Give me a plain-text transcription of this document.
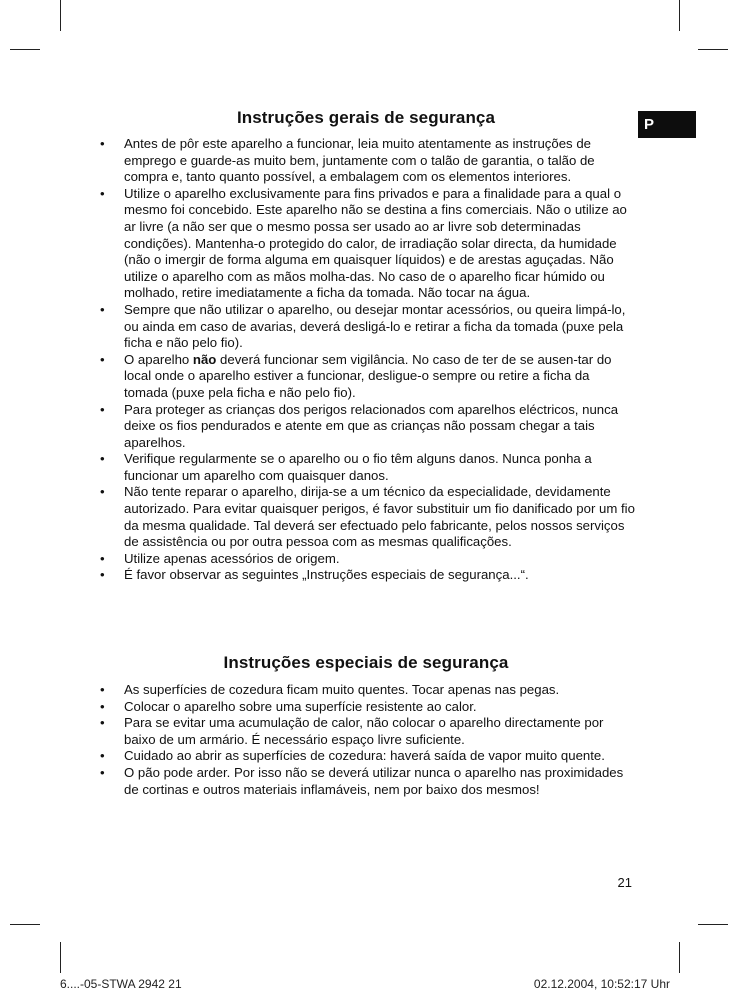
P
Instruções gerais de segurança
• Antes de pôr este aparelho a funcionar, leia muito atentamente as instruções de emprego e guarde-as muito bem, juntamente com o talão de garantia, o talão de compra e, tanto quanto possível, a embalagem com os elementos interiores.
• Utilize o aparelho exclusivamente para fins privados e para a finalidade para a qual o mesmo foi concebido. Este aparelho não se destina a fins comerciais. Não o utilize ao ar livre (a não ser que o mesmo possa ser usado ao ar livre sob determinadas condições). Mantenha-o protegido do calor, de irradiação solar directa, da humidade (não o imergir de forma alguma em quaisquer líquidos) e de arestas aguçadas. Não utilize o aparelho com as mãos molha-das. No caso de o aparelho ficar húmido ou molhado, retire imediatamente a ficha da tomada. Não tocar na água.
• Sempre que não utilizar o aparelho, ou desejar montar acessórios, ou queira limpá-lo, ou ainda em caso de avarias, deverá desligá-lo e retirar a ficha da tomada (puxe pela ficha e não pelo fio).
• O aparelho não deverá funcionar sem vigilância. No caso de ter de se ausen-tar do local onde o aparelho estiver a funcionar, desligue-o sempre ou retire a ficha da tomada (puxe pela ficha e não pelo fio).
• Para proteger as crianças dos perigos relacionados com aparelhos eléctricos, nunca deixe os fios pendurados e atente em que as crianças não possam chegar a tais aparelhos.
• Verifique regularmente se o aparelho ou o fio têm alguns danos. Nunca ponha a funcionar um aparelho com quaisquer danos.
• Não tente reparar o aparelho, dirija-se a um técnico da especialidade, devidamente autorizado. Para evitar quaisquer perigos, é favor substituir um fio danificado por um fio da mesma qualidade. Tal deverá ser efectuado pelo fabricante, pelos nossos serviços de assistência ou por outra pessoa com as mesmas qualificações.
• Utilize apenas acessórios de origem.
• É favor observar as seguintes „Instruções especiais de segurança...“.
Instruções especiais de segurança
• As superfícies de cozedura ficam muito quentes. Tocar apenas nas pegas.
• Colocar o aparelho sobre uma superfície resistente ao calor.
• Para se evitar uma acumulação de calor, não colocar o aparelho directamente por baixo de um armário. É necessário espaço livre suficiente.
• Cuidado ao abrir as superfícies de cozedura: haverá saída de vapor muito quente.
• O pão pode arder. Por isso não se deverá utilizar nunca o aparelho nas proximidades de cortinas e outros materiais inflamáveis, nem por baixo dos mesmos!
21
6....-05-STWA 2942 21	02.12.2004, 10:52:17 Uhr
